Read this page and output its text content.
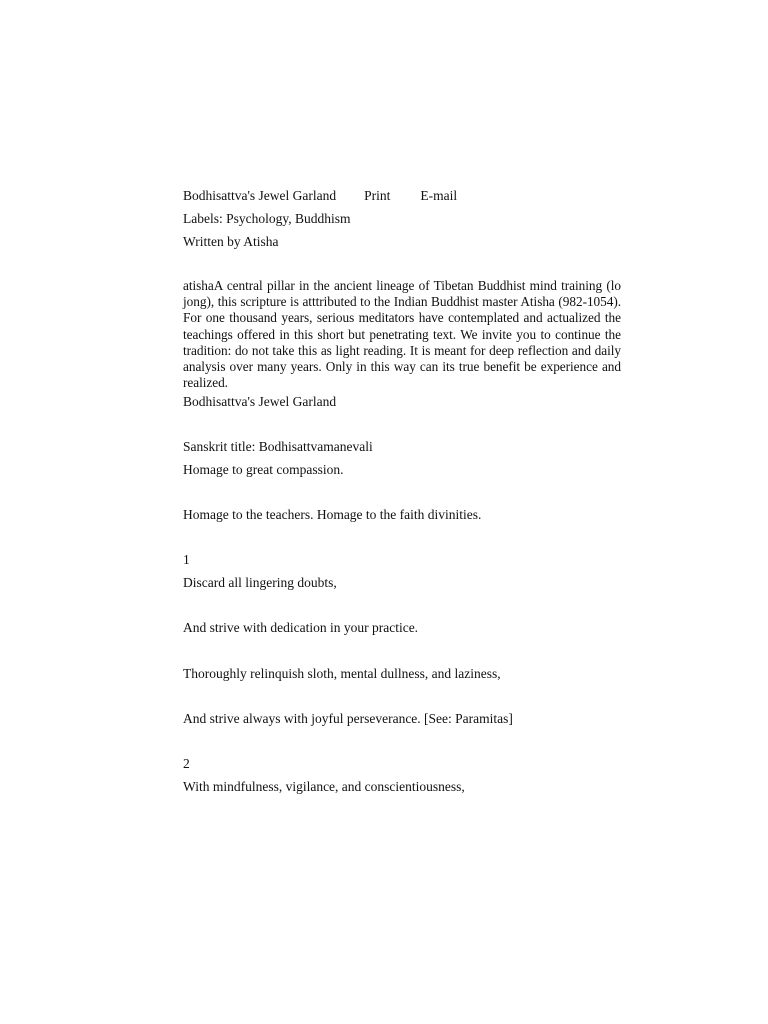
Bodhisattva's Jewel Garland Print E-mail
Labels: Psychology, Buddhism
Written by Atisha
atishaA central pillar in the ancient lineage of Tibetan Buddhist mind training (lo jong), this scripture is atttributed to the Indian Buddhist master Atisha (982-1054). For one thousand years, serious meditators have contemplated and actualized the teachings offered in this short but penetrating text. We invite you to continue the tradition: do not take this as light reading. It is meant for deep reflection and daily analysis over many years. Only in this way can its true benefit be experience and realized.
Bodhisattva's Jewel Garland
Sanskrit title: Bodhisattvamanevali
Homage to great compassion.
Homage to the teachers. Homage to the faith divinities.
1
Discard all lingering doubts,
And strive with dedication in your practice.
Thoroughly relinquish sloth, mental dullness, and laziness,
And strive always with joyful perseverance. [See: Paramitas]
2
With mindfulness, vigilance, and conscientiousness,
